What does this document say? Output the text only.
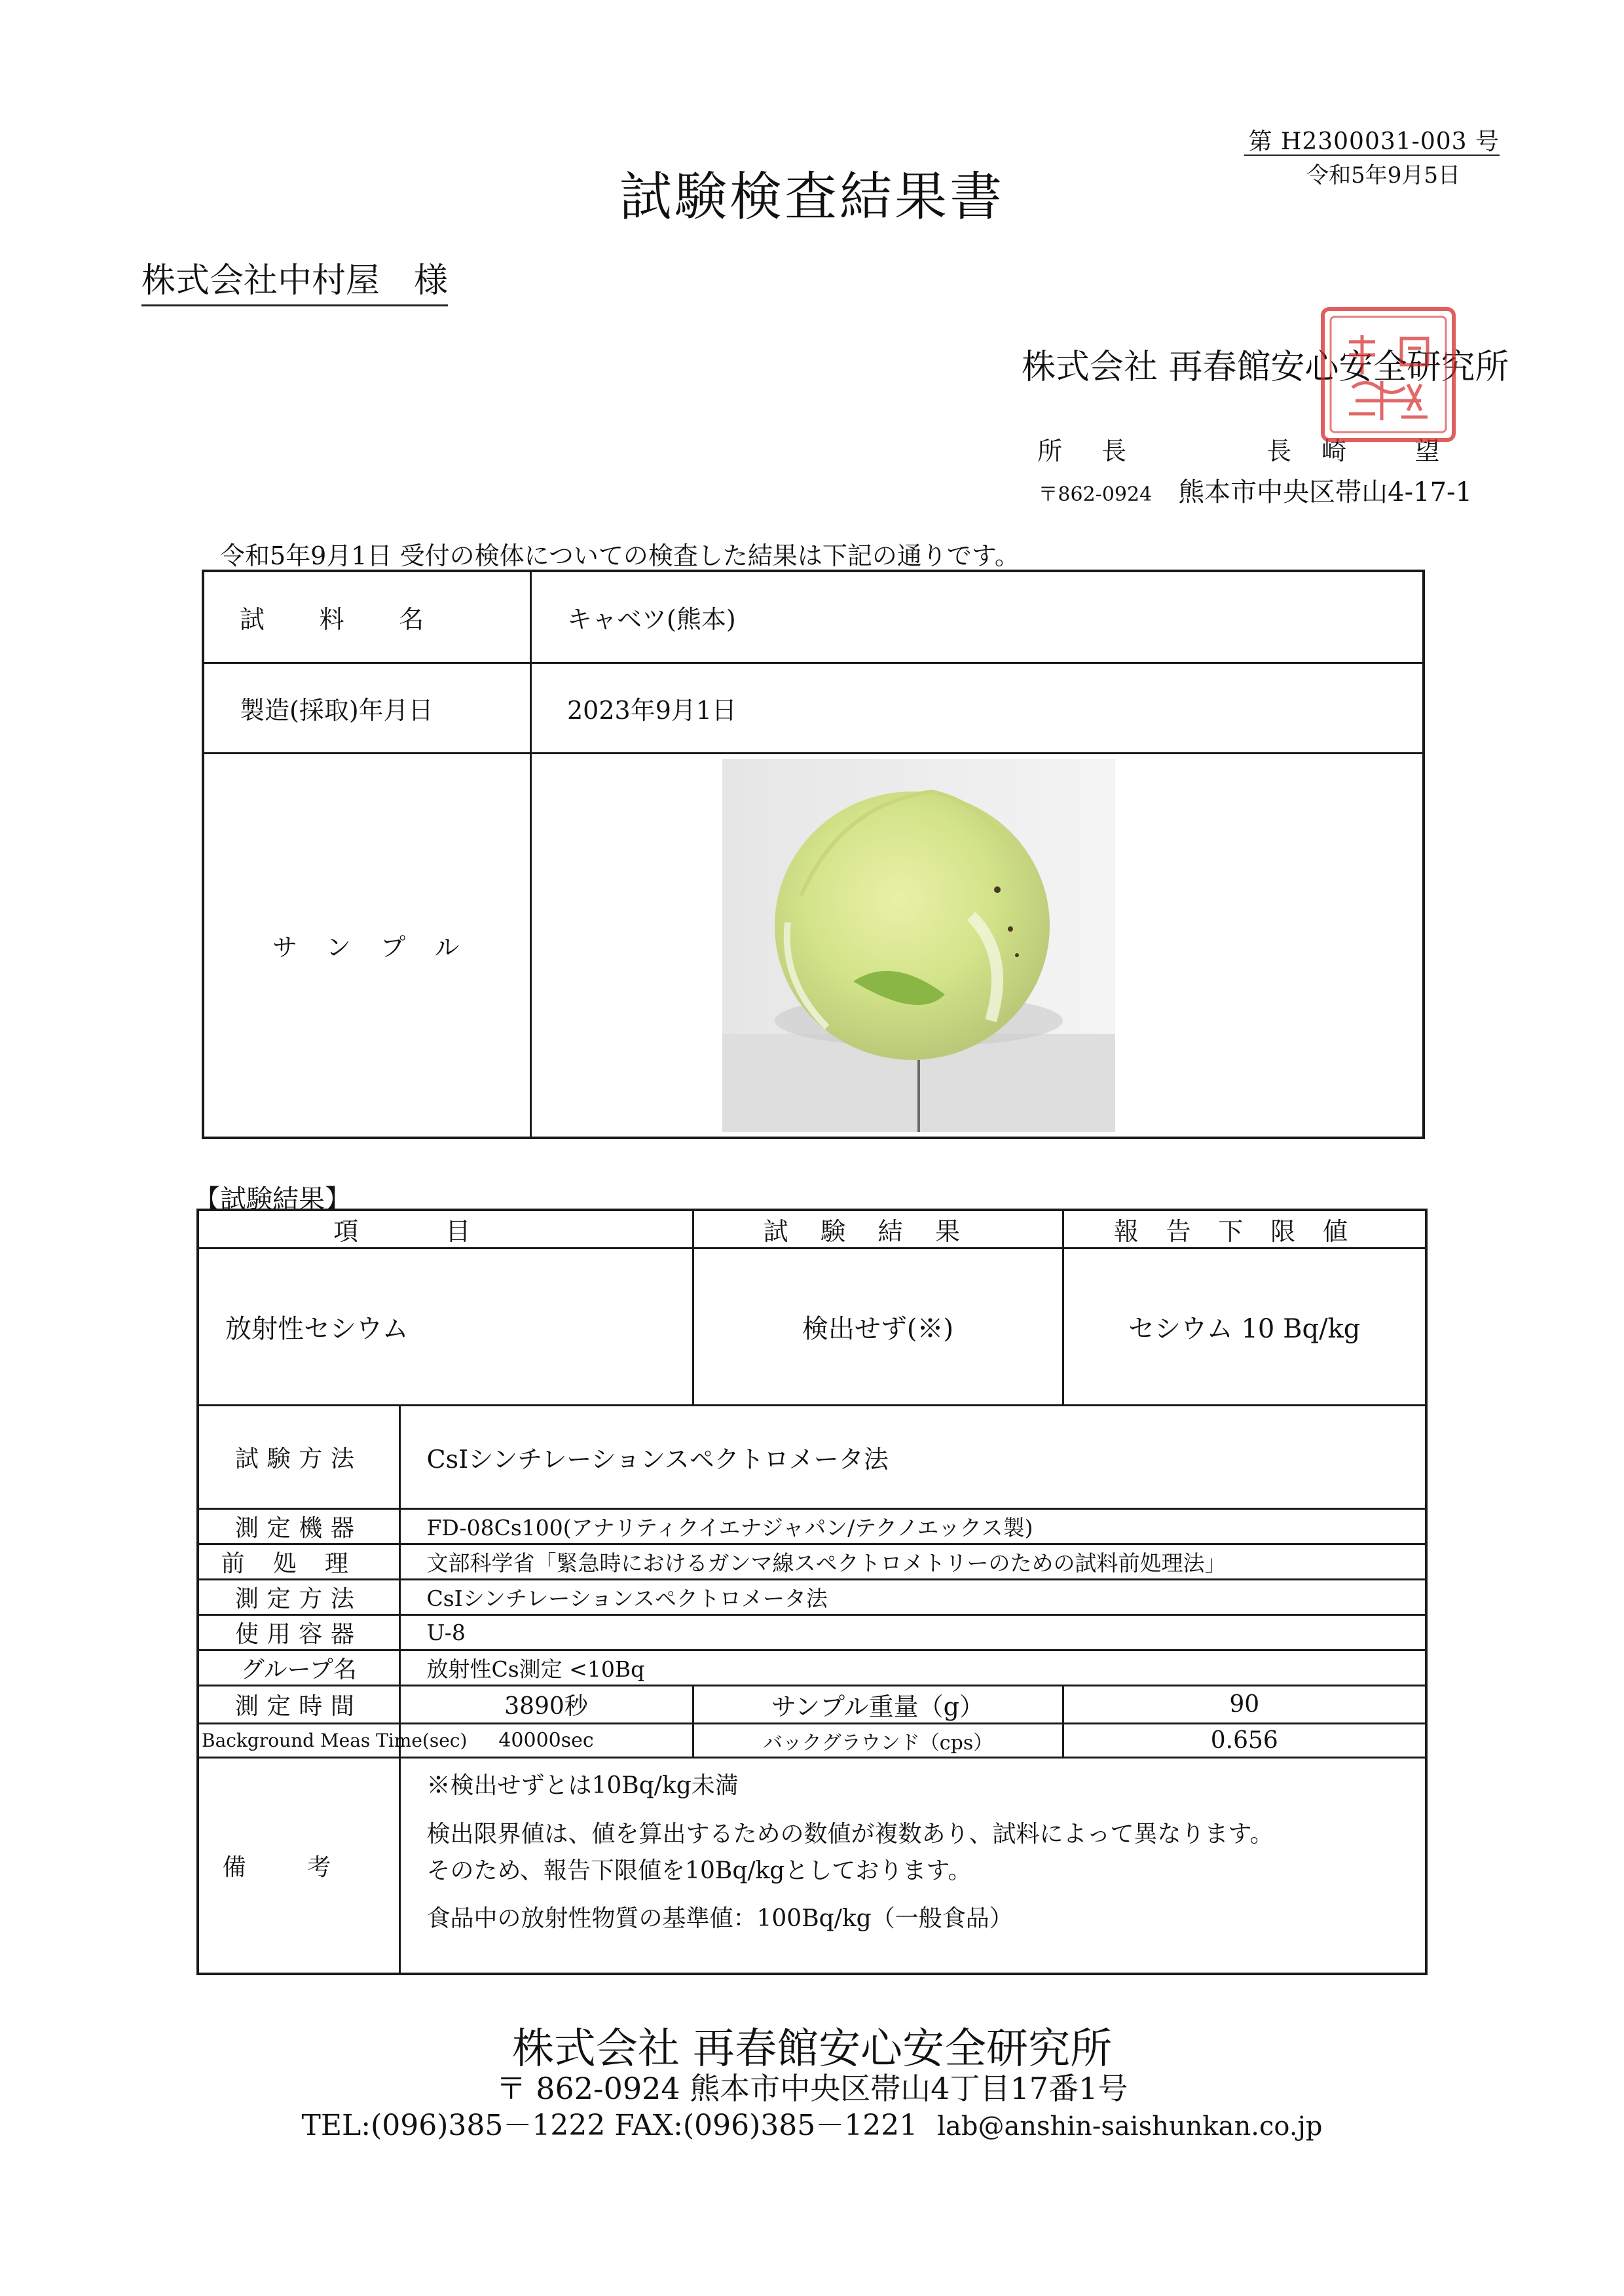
第 H2300031-003 号
令和5年9月5日
試験検査結果書
株式会社中村屋　様
株式会社 再春館安心安全研究所

所長	長崎 望

〒862-0924 熊本市中央区帯山4-17-1

令和5年9月1日 受付の検体についての検査した結果は下記の通りです。
試料名	キャベツ(熊本)
製造(採取)年月日	2023年9月1日
サンプル	
【試験結果】
項目		試験結果	報告下限値
放射性セシウム		検出せず(※)	セシウム 10 Bq/kg
試験方法	CsIシンチレーションスペクトロメータ法		
測定機器	FD-08Cs100(アナリティクイエナジャパン/テクノエックス製)		
前処理	文部科学省「緊急時におけるガンマ線スペクトロメトリーのための試料前処理法」		
測定方法	CsIシンチレーションスペクトロメータ法		
使用容器	U-8		
グループ名	放射性Cs測定 <10Bq		
測定時間	3890秒	サンプル重量（g）	90
Background Meas Time(sec)	40000sec	バックグラウンド（cps）	0.656
備考	※検出せずとは10Bq/kg未満
検出限界値は、値を算出するための数値が複数あり、試料によって異なります。
そのため、報告下限値を10Bq/kgとしております。
食品中の放射性物質の基準値：100Bq/kg（一般食品）		
株式会社 再春館安心安全研究所
〒 862-0924 熊本市中央区帯山4丁目17番1号
TEL:(096)385－1222 FAX:(096)385－1221 lab@anshin-saishunkan.co.jp
